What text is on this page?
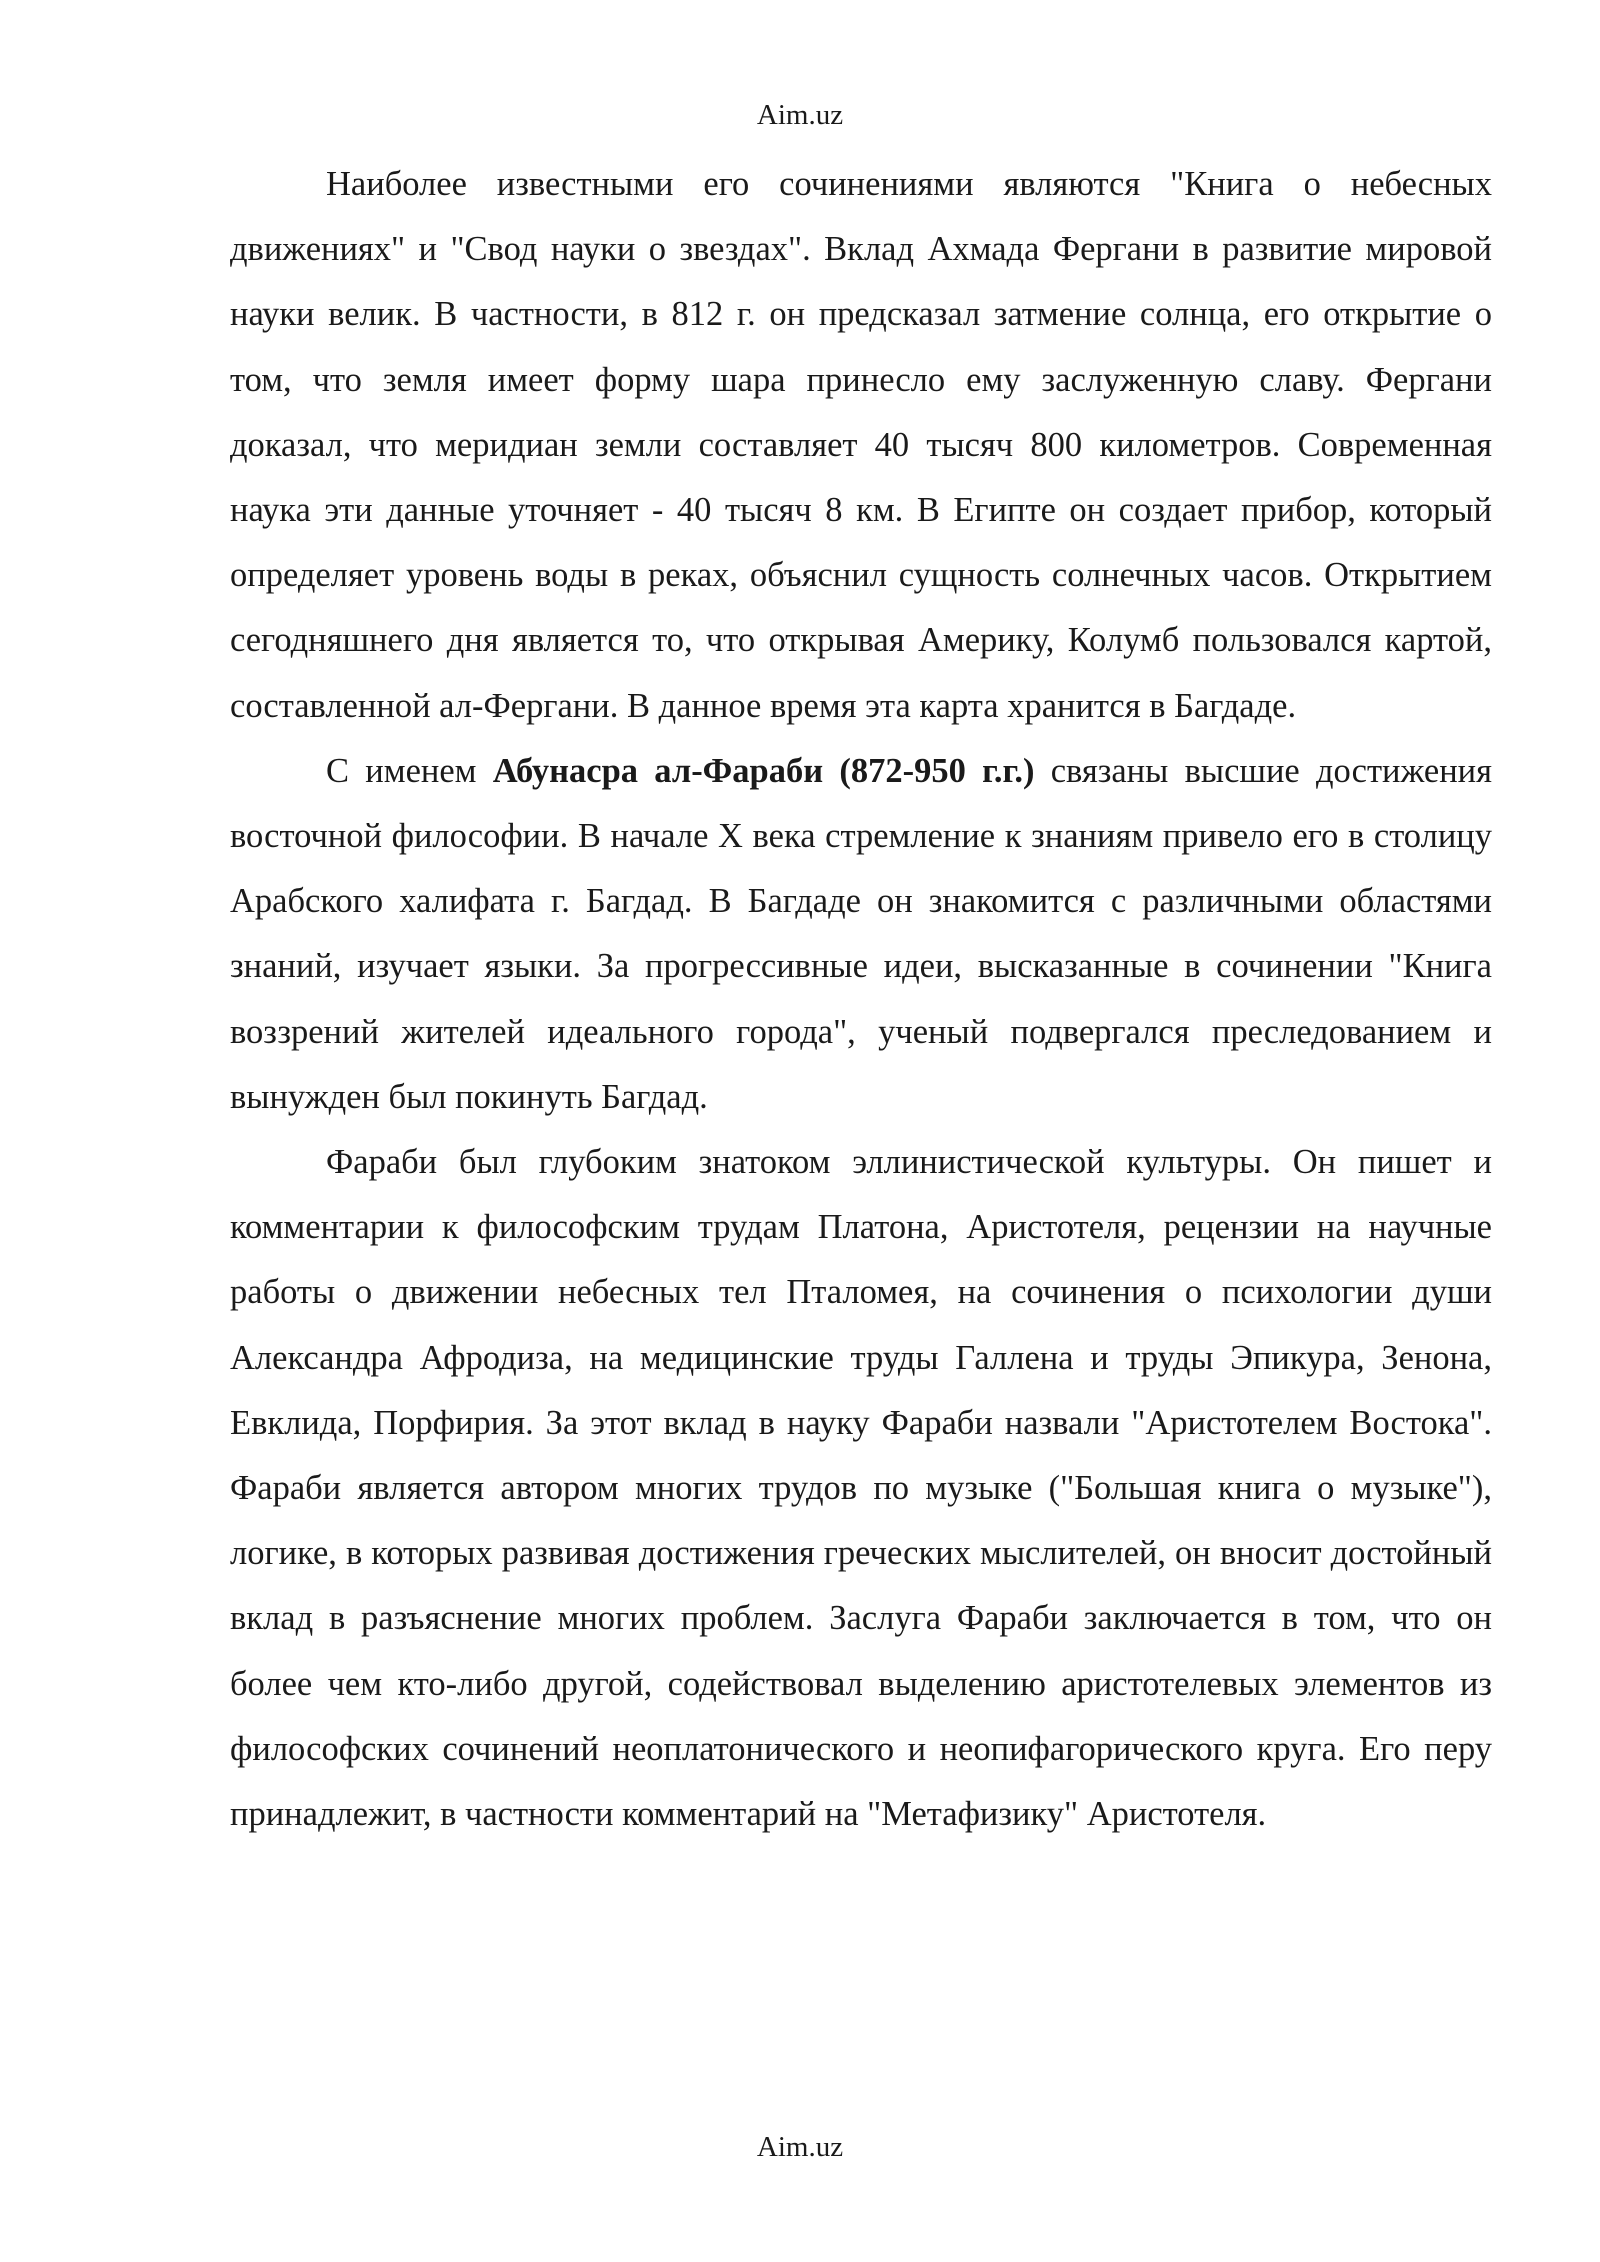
Aim.uz

Наиболее известными его сочинениями являются "Книга о небесных движениях" и "Свод науки о звездах". Вклад Ахмада Фергани в развитие мировой науки велик. В частности, в 812 г. он предсказал затмение солнца, его открытие о том, что земля имеет форму шара принесло ему заслуженную славу. Фергани доказал, что меридиан земли составляет 40 тысяч 800 километров. Современная наука эти данные уточняет - 40 тысяч 8 км. В Египте он создает прибор, который определяет уровень воды в реках, объяснил сущность солнечных часов. Открытием сегодняшнего дня является то, что открывая Америку, Колумб пользовался картой, составленной ал-Фергани. В данное время эта карта хранится в Багдаде.

С именем Абунасра ал-Фараби (872-950 г.г.) связаны высшие достижения восточной философии. В начале X века стремление к знаниям привело его в столицу Арабского халифата г. Багдад. В Багдаде он знакомится с различными областями знаний, изучает языки. За прогрессивные идеи, высказанные в сочинении "Книга воззрений жителей идеального города", ученый подвергался преследованием и вынужден был покинуть Багдад.

Фараби был глубоким знатоком эллинистической культуры. Он пишет и комментарии к философским трудам Платона, Аристотеля, рецензии на научные работы о движении небесных тел Пталомея, на сочинения о психологии души Александра Афродиза, на медицинские труды Галлена и труды Эпикура, Зенона, Евклида, Порфирия. За этот вклад в науку Фараби назвали "Аристотелем Востока". Фараби является автором многих трудов по музыке ("Большая книга о музыке"), логике, в которых развивая достижения греческих мыслителей, он вносит достойный вклад в разъяснение многих проблем. Заслуга Фараби заключается в том, что он более чем кто-либо другой, содействовал выделению аристотелевых элементов из философских сочинений неоплатонического и неопифагорического круга. Его перу принадлежит, в частности комментарий на "Метафизику" Аристотеля.

Aim.uz
